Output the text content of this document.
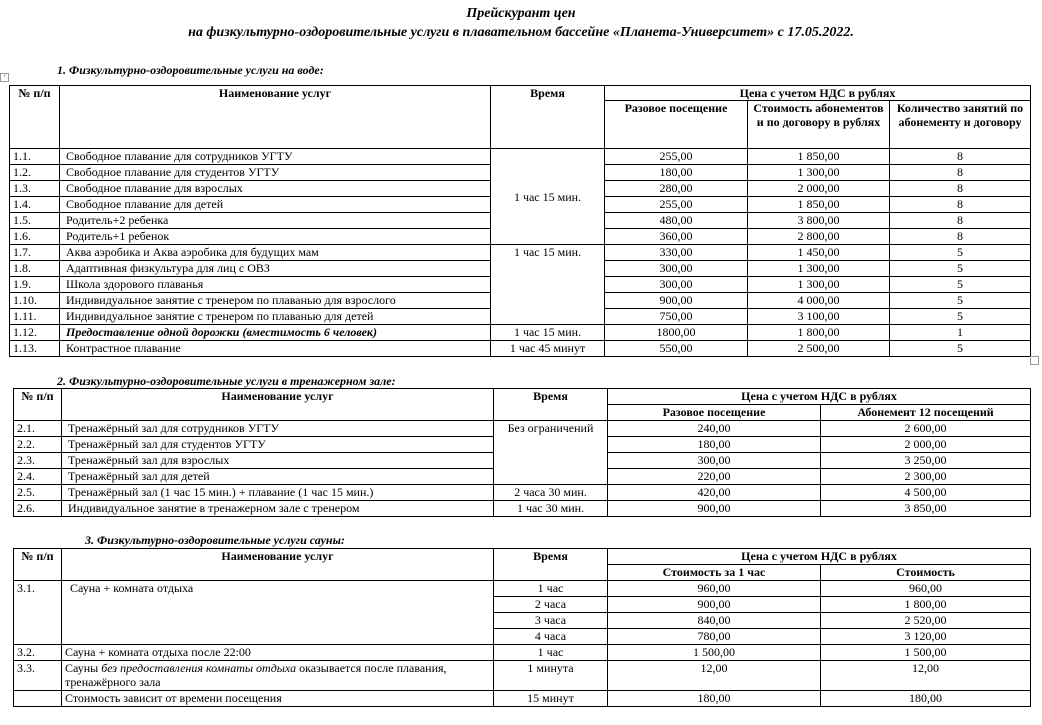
Прейскурант цен
на физкультурно-оздоровительные услуги в плавательном бассейне «Планета-Университет» с 17.05.2022.
+	1. Физкультурно-оздоровительные услуги на воде:
№ п/п	Наименование услуг	Время	Цена с учетом НДС в рублях		
			Разовое посещение	Стоимость абонементов и по договору в рублях	Количество занятий по абонементу и договору
1.1.	Свободное плавание для сотрудников УГТУ	1 час 15 мин.	255,00	1 850,00	8
1.2.	Свободное плавание для студентов УГТУ		180,00	1 300,00	8
1.3.	Свободное плавание для взрослых		280,00	2 000,00	8
1.4.	Свободное плавание для детей		255,00	1 850,00	8
1.5.	Родитель+2 ребенка		480,00	3 800,00	8
1.6.	Родитель+1 ребенок		360,00	2 800,00	8
1.7.	Аква аэробика и Аква аэробика для будущих мам	1 час 15 мин.	330,00	1 450,00	5
1.8.	Адаптивная физкультура для лиц с ОВЗ		300,00	1 300,00	5
1.9.	Школа здорового плаванья		300,00	1 300,00	5
1.10.	Индивидуальное занятие с тренером по плаванью для взрослого		900,00	4 000,00	5
1.11.	Индивидуальное занятие с тренером по плаванью для детей		750,00	3 100,00	5
1.12.	Предоставление одной дорожки (вместимость 6 человек)	1 час 15 мин.	1800,00	1 800,00	1
1.13.	Контрастное плавание	1 час 45 минут	550,00	2 500,00	5
2. Физкультурно-оздоровительные услуги в тренажерном зале:
№ п/п	Наименование услуг	Время	Цена с учетом НДС в рублях	
			Разовое посещение	Абонемент 12 посещений
2.1.	Тренажёрный зал для сотрудников УГТУ	Без ограничений	240,00	2 600,00
2.2.	Тренажёрный зал для студентов УГТУ		180,00	2 000,00
2.3.	Тренажёрный зал для взрослых		300,00	3 250,00
2.4.	Тренажёрный зал для детей		220,00	2 300,00
2.5.	Тренажёрный зал (1 час 15 мин.) + плавание (1 час 15 мин.)	2 часа 30 мин.	420,00	4 500,00
2.6.	Индивидуальное занятие в тренажерном зале с тренером	1 час 30 мин.	900,00	3 850,00
3. Физкультурно-оздоровительные услуги сауны:
№ п/п	Наименование услуг	Время	Цена с учетом НДС в рублях	
			Стоимость за 1 час	Стоимость
3.1.	Сауна + комната отдыха	1 час	960,00	960,00
		2 часа	900,00	1 800,00
		3 часа	840,00	2 520,00
		4 часа	780,00	3 120,00
3.2.	Сауна + комната отдыха после 22:00	1 час	1 500,00	1 500,00
3.3.	Сауны без предоставления комнаты отдыха оказывается после плавания, тренажёрного зала	1 минута	12,00	12,00
	Стоимость зависит от времени посещения	15 минут	180,00	180,00
